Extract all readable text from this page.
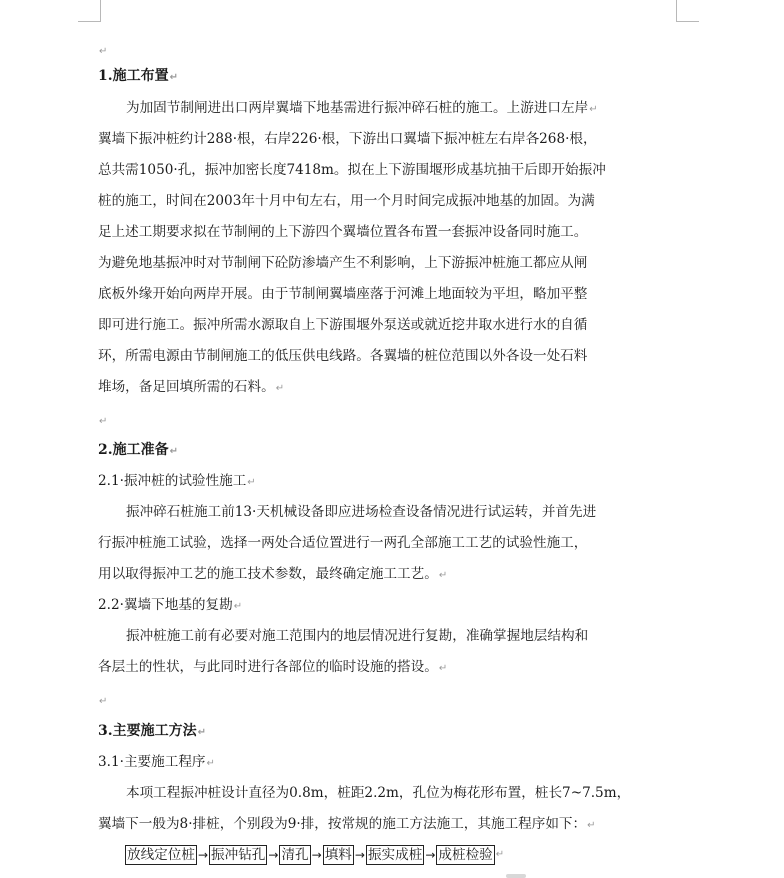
↵
↵
↵
1.施工布置↵
为加固节制闸进出口两岸翼墙下地基需进行振冲碎石桩的施工。上游进口左岸↵
翼墙下振冲桩约计288·根，右岸226·根，下游出口翼墙下振冲桩左右岸各268·根，
总共需1050·孔，振冲加密长度7418m。拟在上下游围堰形成基坑抽干后即开始振冲
桩的施工，时间在2003年十月中旬左右，用一个月时间完成振冲地基的加固。为满
足上述工期要求拟在节制闸的上下游四个翼墙位置各布置一套振冲设备同时施工。
为避免地基振冲时对节制闸下砼防渗墙产生不利影响，上下游振冲桩施工都应从闸
底板外缘开始向两岸开展。由于节制闸翼墙座落于河滩上地面较为平坦，略加平整
即可进行施工。振冲所需水源取自上下游围堰外泵送或就近挖井取水进行水的自循
环，所需电源由节制闸施工的低压供电线路。各翼墙的桩位范围以外各设一处石料
堆场，备足回填所需的石料。↵
2.施工准备↵
2.1·振冲桩的试验性施工↵
振冲碎石桩施工前13·天机械设备即应进场检查设备情况进行试运转，并首先进
行振冲桩施工试验，选择一两处合适位置进行一两孔全部施工工艺的试验性施工，
用以取得振冲工艺的施工技术参数，最终确定施工工艺。↵
2.2·翼墙下地基的复勘↵
振冲桩施工前有必要对施工范围内的地层情况进行复勘，准确掌握地层结构和
各层土的性状，与此同时进行各部位的临时设施的搭设。↵
3.主要施工方法↵
3.1·主要施工程序↵
本项工程振冲桩设计直径为0.8m，桩距2.2m，孔位为梅花形布置，桩长7~7.5m，
翼墙下一般为8·排桩，个别段为9·排，按常规的施工方法施工，其施工程序如下：↵
放线定位桩 → 振冲钻孔 → 清孔 → 填料 → 振实成桩 → 成桩检验 ↵
